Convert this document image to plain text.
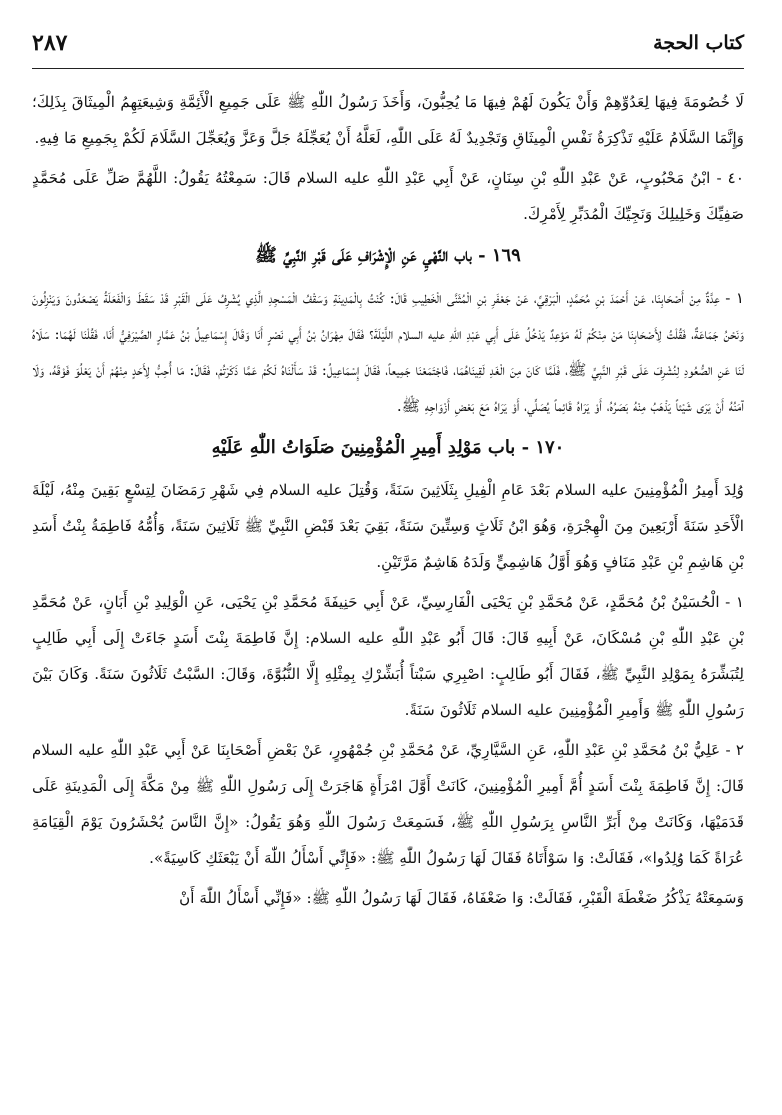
كتاب الحجة
٢٨٧

لَا خُصُومَةَ فِيهَا لِعَدُوِّهِمْ وَأَنْ يَكُونَ لَهُمْ فِيهَا مَا يُحِبُّونَ، وَأَخَذَ رَسُولُ اللّٰهِ ﷺ عَلَى جَمِيعِ الْأَئِمَّةِ وَشِيعَتِهِمُ الْمِيثَاقَ بِذَلِكَ؛ وَإِنَّمَا السَّلَامُ عَلَيْهِ تَذْكِرَةُ نَفْسِ الْمِيثَاقِ وَتَجْدِيدٌ لَهُ عَلَى اللّٰهِ، لَعَلَّهُ أَنْ يُعَجِّلَهُ جَلَّ وَعَزَّ وَيُعَجِّلَ السَّلَامَ لَكُمْ بِجَمِيعِ مَا فِيهِ.

٤٠ - ابْنُ مَحْبُوبٍ، عَنْ عَبْدِ اللّٰهِ بْنِ سِنَانٍ، عَنْ أَبِي عَبْدِ اللّٰهِ عليه السلام قَالَ: سَمِعْتُهُ يَقُولُ: اللَّهُمَّ صَلِّ عَلَى مُحَمَّدٍ صَفِيِّكَ وَخَلِيلِكَ وَنَجِيِّكَ الْمُدَبِّرِ لِأَمْرِكَ.

١٦٩ - باب النَّهْيِ عَنِ الْإِشْرَافِ عَلَى قَبْرِ النَّبِيِّ ﷺ

١ - عِدَّةٌ مِنْ أَصْحَابِنَا، عَنْ أَحْمَدَ بْنِ مُحَمَّدٍ، الْبَرْقِيِّ، عَنْ جَعْفَرِ بْنِ الْمُثَنَّى الْخَطِيبِ قَالَ: كُنْتُ بِالْمَدِينَةِ وَسَقْفُ الْمَسْجِدِ الَّذِي يُشْرِفُ عَلَى الْقَبْرِ قَدْ سَقَطَ وَالْفَعَلَةُ يَصْعَدُونَ وَيَنْزِلُونَ وَنَحْنُ جَمَاعَةٌ، فَقُلْتُ لِأَصْحَابِنَا مَنْ مِنْكُمْ لَهُ مَوْعِدٌ يَدْخُلُ عَلَى أَبِي عَبْدِ اللّٰهِ عليه السلام اللَّيْلَةَ؟ فَقَالَ مِهْرَانُ بْنُ أَبِي نَصْرٍ أَنَا وَقَالَ إِسْمَاعِيلُ بْنُ عَمَّارٍ الصَّيْرَفِيُّ أَنَا، فَقُلْنَا لَهُمَا: سَلَاهُ لَنَا عَنِ الصُّعُودِ لِنُشْرِفَ عَلَى قَبْرِ النَّبِيِّ ﷺ، فَلَمَّا كَانَ مِنَ الْغَدِ لَقِينَاهُمَا، فَاجْتَمَعْنَا جَمِيعاً، فَقَالَ إِسْمَاعِيلُ: قَدْ سَأَلْنَاهُ لَكُمْ عَمَّا ذَكَرْتُمْ، فَقَالَ: مَا أُحِبُّ لِأَحَدٍ مِنْهُمْ أَنْ يَعْلُوَ فَوْقَهُ، وَلَا آمَنُهُ أَنْ يَرَى شَيْئاً يَذْهَبُ مِنْهُ بَصَرُهُ، أَوْ يَرَاهُ قَائِماً يُصَلِّي، أَوْ يَرَاهُ مَعَ بَعْضِ أَزْوَاجِهِ ﷺ.

١٧٠ - باب مَوْلِدِ أَمِيرِ الْمُؤْمِنِينَ صَلَوَاتُ اللّٰهِ عَلَيْهِ

وُلِدَ أَمِيرُ الْمُؤْمِنِينَ عليه السلام بَعْدَ عَامِ الْفِيلِ بِثَلَاثِينَ سَنَةً، وَقُتِلَ عليه السلام فِي شَهْرِ رَمَضَانَ لِتِسْعٍ بَقِينَ مِنْهُ، لَيْلَةَ الْأَحَدِ سَنَةَ أَرْبَعِينَ مِنَ الْهِجْرَةِ، وَهُوَ ابْنُ ثَلَاثٍ وَسِتِّينَ سَنَةً، بَقِيَ بَعْدَ قَبْضِ النَّبِيِّ ﷺ ثَلَاثِينَ سَنَةً، وَأُمُّهُ فَاطِمَةُ بِنْتُ أَسَدِ بْنِ هَاشِمِ بْنِ عَبْدِ مَنَافٍ وَهُوَ أَوَّلُ هَاشِمِيٍّ وَلَدَهُ هَاشِمٌ مَرَّتَيْنِ.

١ - الْحُسَيْنُ بْنُ مُحَمَّدٍ، عَنْ مُحَمَّدِ بْنِ يَحْيَى الْفَارِسِيِّ، عَنْ أَبِي حَنِيفَةَ مُحَمَّدِ بْنِ يَحْيَى، عَنِ الْوَلِيدِ بْنِ أَبَانٍ، عَنْ مُحَمَّدِ بْنِ عَبْدِ اللّٰهِ بْنِ مُسْكَانَ، عَنْ أَبِيهِ قَالَ: قَالَ أَبُو عَبْدِ اللّٰهِ عليه السلام: إِنَّ فَاطِمَةَ بِنْتَ أَسَدٍ جَاءَتْ إِلَى أَبِي طَالِبٍ لِتُبَشِّرَهُ بِمَوْلِدِ النَّبِيِّ ﷺ، فَقَالَ أَبُو طَالِبٍ: اصْبِرِي سَبْتاً أُبَشِّرْكِ بِمِثْلِهِ إِلَّا النُّبُوَّةَ، وَقَالَ: السَّبْتُ ثَلَاثُونَ سَنَةً. وَكَانَ بَيْنَ رَسُولِ اللّٰهِ ﷺ وَأَمِيرِ الْمُؤْمِنِينَ عليه السلام ثَلَاثُونَ سَنَةً.

٢ - عَلِيُّ بْنُ مُحَمَّدِ بْنِ عَبْدِ اللّٰهِ، عَنِ السَّيَّارِيِّ، عَنْ مُحَمَّدِ بْنِ جُمْهُورٍ، عَنْ بَعْضِ أَصْحَابِنَا عَنْ أَبِي عَبْدِ اللّٰهِ عليه السلام قَالَ: إِنَّ فَاطِمَةَ بِنْتَ أَسَدٍ أُمَّ أَمِيرِ الْمُؤْمِنِينَ، كَانَتْ أَوَّلَ امْرَأَةٍ هَاجَرَتْ إِلَى رَسُولِ اللّٰهِ ﷺ مِنْ مَكَّةَ إِلَى الْمَدِينَةِ عَلَى قَدَمَيْهَا، وَكَانَتْ مِنْ أَبَرِّ النَّاسِ بِرَسُولِ اللّٰهِ ﷺ، فَسَمِعَتْ رَسُولَ اللّٰهِ وَهُوَ يَقُولُ: «إِنَّ النَّاسَ يُحْشَرُونَ يَوْمَ الْقِيَامَةِ عُرَاةً كَمَا وُلِدُوا»، فَقَالَتْ: وَا سَوْأَتَاهُ فَقَالَ لَهَا رَسُولُ اللّٰهِ ﷺ: «فَإِنِّي أَسْأَلُ اللّٰهَ أَنْ يَبْعَثَكِ كَاسِيَةً».

وَسَمِعَتْهُ يَذْكُرُ ضَغْطَةَ الْقَبْرِ، فَقَالَتْ: وَا ضَعْفَاهُ، فَقَالَ لَهَا رَسُولُ اللّٰهِ ﷺ: «فَإِنِّي أَسْأَلُ اللّٰهَ أَنْ
